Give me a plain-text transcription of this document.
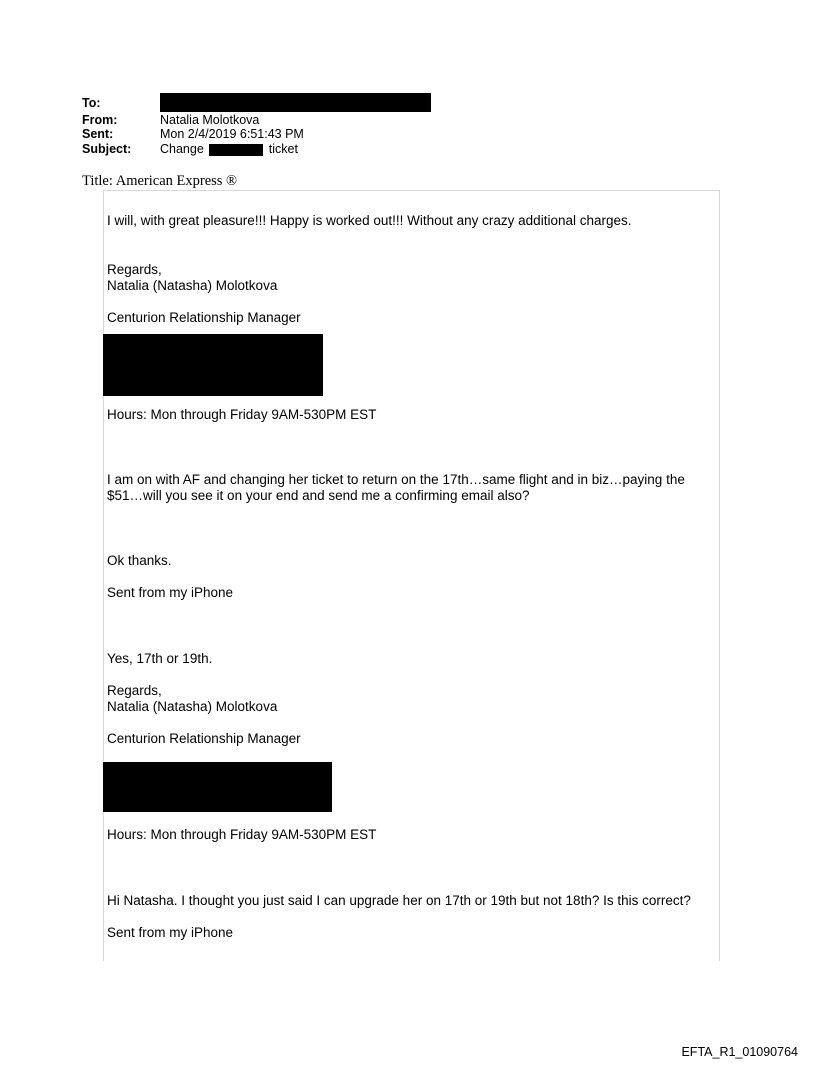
To:
From:	Natalia Molotkova
Sent:	Mon 2/4/2019 6:51:43 PM
Subject: Change	ticket
Title: American Express ®
I will, with great pleasure!!! Happy is worked out!!! Without any crazy additional charges.
Regards,
Natalia (Natasha) Molotkova
Centurion Relationship Manager
Hours: Mon through Friday 9AM-530PM EST
I am on with AF and changing her ticket to return on the 17th…same flight and in biz…paying the
$51…will you see it on your end and send me a confirming email also?
Ok thanks.
Sent from my iPhone
Yes, 17th or 19th.
Regards,
Natalia (Natasha) Molotkova
Centurion Relationship Manager
Hours: Mon through Friday 9AM-530PM EST
Hi Natasha. I thought you just said I can upgrade her on 17th or 19th but not 18th? Is this correct?
Sent from my iPhone
EFTA_R1_01090764
